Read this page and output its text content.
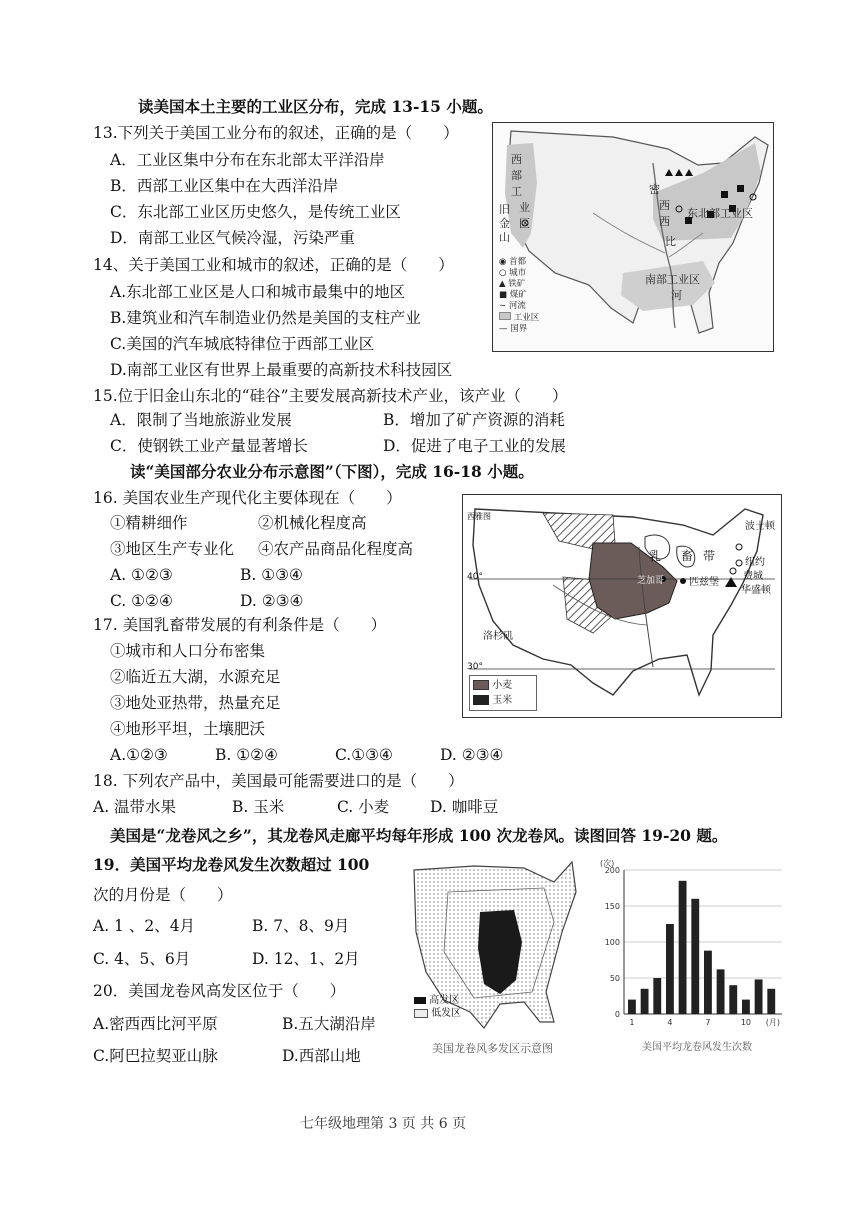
读美国本土主要的工业区分布，完成 13-15 小题。
13.下列关于美国工业分布的叙述，正确的是（　　）
A．工业区集中分布在东北部太平洋沿岸
B．西部工业区集中在大西洋沿岸
C．东北部工业区历史悠久，是传统工业区
D．南部工业区气候冷湿，污染严重
14、关于美国工业和城市的叙述，正确的是（　　）
A.东北部工业区是人口和城市最集中的地区
B.建筑业和汽车制造业仍然是美国的支柱产业
C.美国的汽车城底特律位于西部工业区
D.南部工业区有世界上最重要的高新技术科技园区
15.位于旧金山东北的“硅谷”主要发展高新技术产业，该产业（　　）
A．限制了当地旅游业发展	B．增加了矿产资源的消耗
C．使钢铁工业产量显著增长	D．促进了电子工业的发展
西
部
工
业
区
旧
金
山
密
西
西
比
河
东北部工业区
南部工业区
◉ 首都
○ 城市
▲ 铁矿
■ 煤矿
∼ 河流
工业区
— 国界
读“美国部分农业分布示意图”（下图），完成 16-18 小题。
16. 美国农业生产现代化主要体现在（　　）
①精耕细作	②机械化程度高
③地区生产专业化 ④农产品商品化程度高
A. ①②③	B. ①③④
C. ①②④	D. ②③④
17. 美国乳畜带发展的有利条件是（　　）
①城市和人口分布密集
②临近五大湖，水源充足
③地处亚热带，热量充足
④地形平坦，土壤肥沃
A.①②③	B. ①②④	C.①③④	D. ②③④
18. 下列农产品中，美国最可能需要进口的是（　　）
A. 温带水果	B. 玉米	C. 小麦	D. 咖啡豆
西雅图
40°
30°
洛杉矶
乳 畜 带
芝加哥 匹兹堡
波士顿
纽约
费城
华盛顿
小麦
玉米
美国是“龙卷风之乡”，其龙卷风走廊平均每年形成 100 次龙卷风。读图回答 19-20 题。
19．美国平均龙卷风发生次数超过 100
次的月份是（　　）
A. 1 、2、4月	B. 7、8、9月
C. 4、5、6月	D. 12、1、2月
20．美国龙卷风高发区位于（　　）
A.密西西比河平原	B.五大湖沿岸
C.阿巴拉契亚山脉	D.西部山地
高发区
低发区
美国龙卷风多发区示意图
0
50
100
150
200
(次)
1	4	7	10 (月)
美国平均龙卷风发生次数
七年级地理第 3 页 共 6 页
